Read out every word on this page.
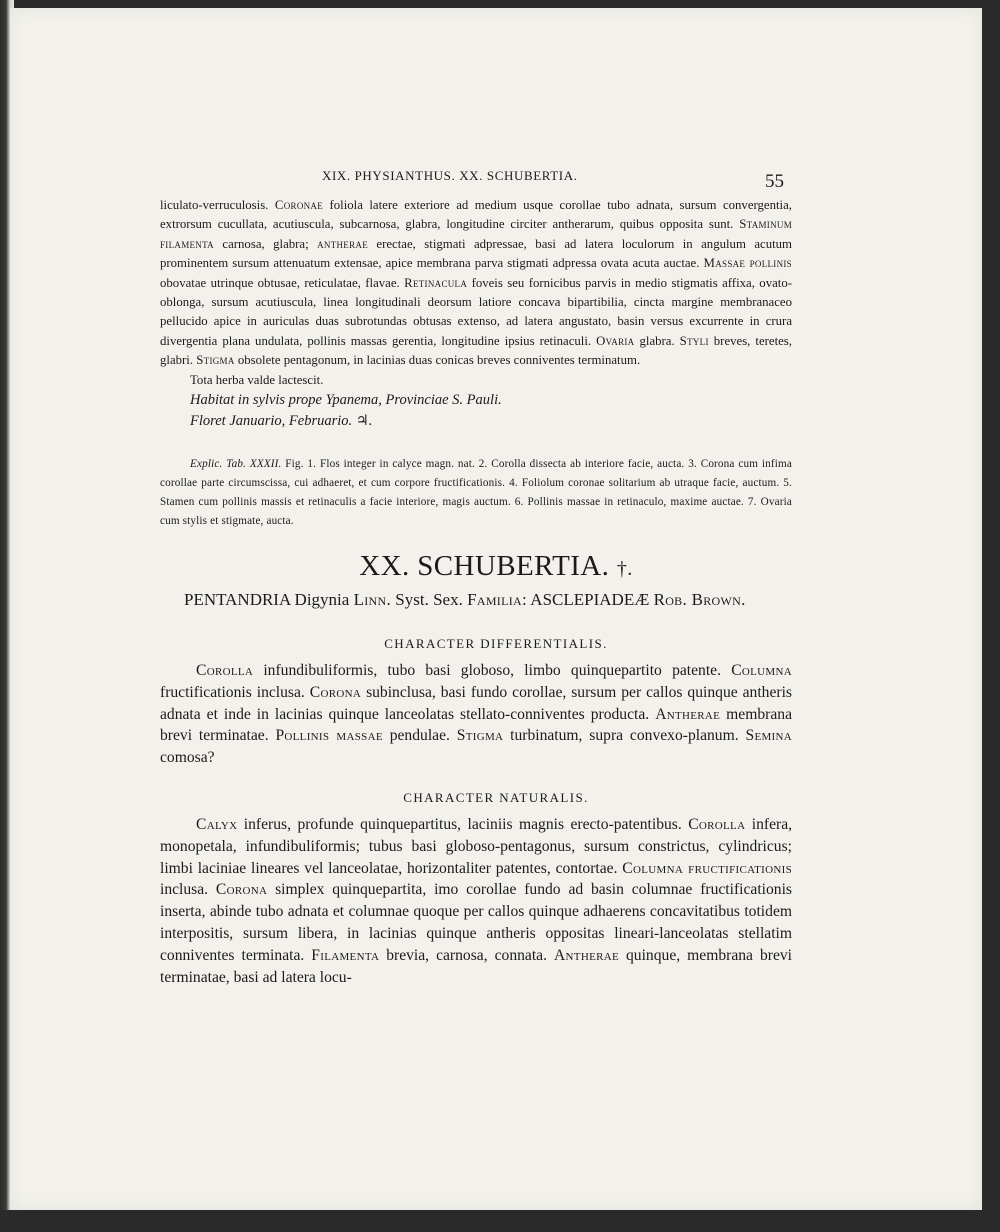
XIX. PHYSIANTHUS. XX. SCHUBERTIA.	55

liculato-verruculosis. Coronae foliola latere exteriore ad medium usque corollae tubo adnata, sursum convergentia, extrorsum cucullata, acutiuscula, subcarnosa, glabra, longitudine circiter antherarum, quibus opposita sunt. Staminum filamenta carnosa, glabra; antherae erectae, stigmati adpressae, basi ad latera loculorum in angulum acutum prominentem sursum attenuatum extensae, apice membrana parva stigmati adpressa ovata acuta auctae. Massae pollinis obovatae utrinque obtusae, reticulatae, flavae. Retinacula foveis seu fornicibus parvis in medio stigmatis affixa, ovato-oblonga, sursum acutiuscula, linea longitudinali deorsum latiore concava bipartibilia, cincta margine membranaceo pellucido apice in auriculas duas subrotundas obtusas extenso, ad latera angustato, basin versus excurrente in crura divergentia plana undulata, pollinis massas gerentia, longitudine ipsius retinaculi. Ovaria glabra. Styli breves, teretes, glabri. Stigma obsolete pentagonum, in lacinias duas conicas breves conniventes terminatum.

Tota herba valde lactescit.

Habitat in sylvis prope Ypanema, Provinciae S. Pauli.

Floret Januario, Februario. ♃.

Explic. Tab. XXXII. Fig. 1. Flos integer in calyce magn. nat. 2. Corolla dissecta ab interiore facie, aucta. 3. Corona cum infima corollae parte circumscissa, cui adhaeret, et cum corpore fructificationis. 4. Foliolum coronae solitarium ab utraque facie, auctum. 5. Stamen cum pollinis massis et retinaculis a facie interiore, magis auctum. 6. Pollinis massae in retinaculo, maxime auctae. 7. Ovaria cum stylis et stigmate, aucta.

XX. SCHUBERTIA. †.

PENTANDRIA Digynia Linn. Syst. Sex. Familia: ASCLEPIADEÆ Rob. Brown.

CHARACTER DIFFERENTIALIS.

Corolla infundibuliformis, tubo basi globoso, limbo quinquepartito patente. Columna fructificationis inclusa. Corona subinclusa, basi fundo corollae, sursum per callos quinque antheris adnata et inde in lacinias quinque lanceolatas stellato-conniventes producta. Antherae membrana brevi terminatae. Pollinis massae pendulae. Stigma turbinatum, supra convexo-planum. Semina comosa?

CHARACTER NATURALIS.

Calyx inferus, profunde quinquepartitus, laciniis magnis erecto-patentibus. Corolla infera, monopetala, infundibuliformis; tubus basi globoso-pentagonus, sursum constrictus, cylindricus; limbi laciniae lineares vel lanceolatae, horizontaliter patentes, contortae. Columna fructificationis inclusa. Corona simplex quinquepartita, imo corollae fundo ad basin columnae fructificationis inserta, abinde tubo adnata et columnae quoque per callos quinque adhaerens concavitatibus totidem interpositis, sursum libera, in lacinias quinque antheris oppositas lineari-lanceolatas stellatim conniventes terminata. Filamenta brevia, carnosa, connata. Antherae quinque, membrana brevi terminatae, basi ad latera locu-
